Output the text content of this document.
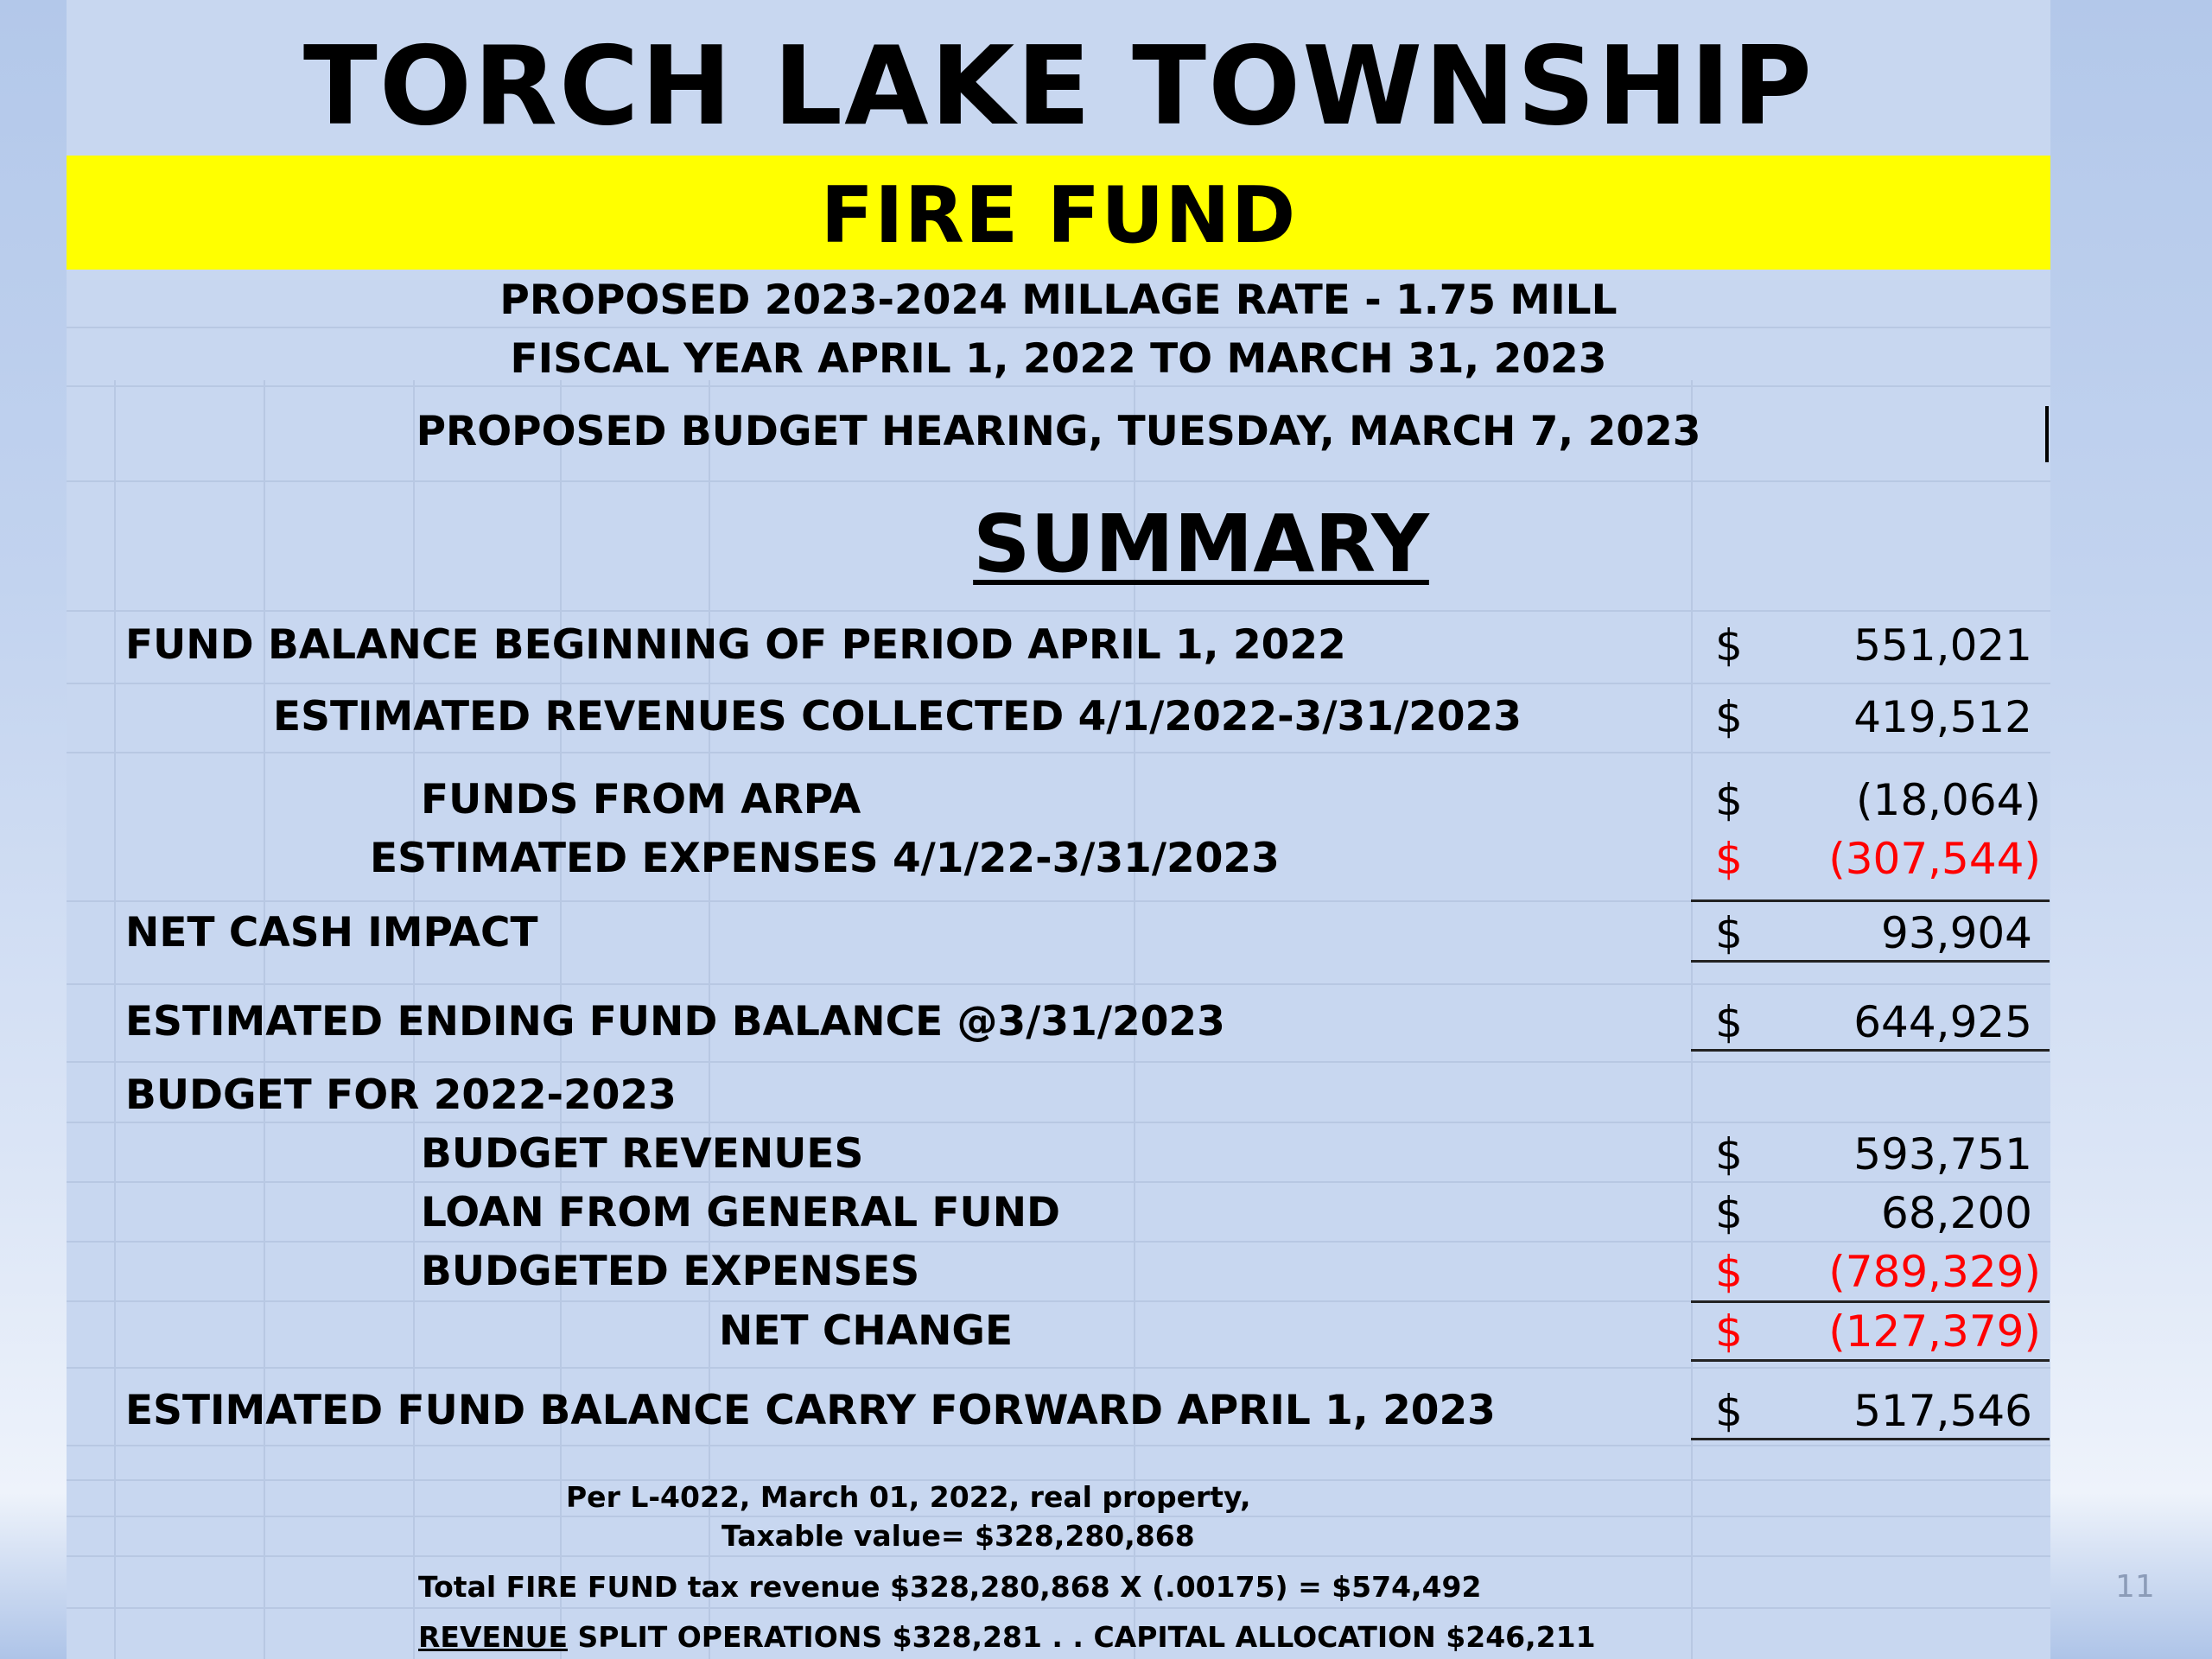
TORCH LAKE TOWNSHIP
FIRE FUND
PROPOSED 2023-2024 MILLAGE RATE - 1.75 MILL
FISCAL YEAR APRIL 1, 2022 TO MARCH 31, 2023
PROPOSED BUDGET HEARING, TUESDAY, MARCH 7, 2023
SUMMARY
FUND BALANCE BEGINNING OF PERIOD APRIL 1, 2022	$	551,021
ESTIMATED REVENUES COLLECTED 4/1/2022-3/31/2023	$	419,512
FUNDS FROM ARPA	$	(18,064)
ESTIMATED EXPENSES 4/1/22-3/31/2023	$ (307,544)
NET CASH IMPACT	$	93,904
ESTIMATED ENDING FUND BALANCE @3/31/2023	$	644,925
BUDGET FOR 2022-2023
BUDGET REVENUES	$	593,751
LOAN FROM GENERAL FUND	$	68,200
BUDGETED EXPENSES	$ (789,329)
NET CHANGE	$ (127,379)
ESTIMATED FUND BALANCE CARRY FORWARD APRIL 1, 2023	$	517,546
Per L-4022, March 01, 2022, real property,
Taxable value= $328,280,868
Total FIRE FUND tax revenue $328,280,868 X (.00175) = $574,492
REVENUE SPLIT OPERATIONS $328,281 . . CAPITAL ALLOCATION $246,211
11
